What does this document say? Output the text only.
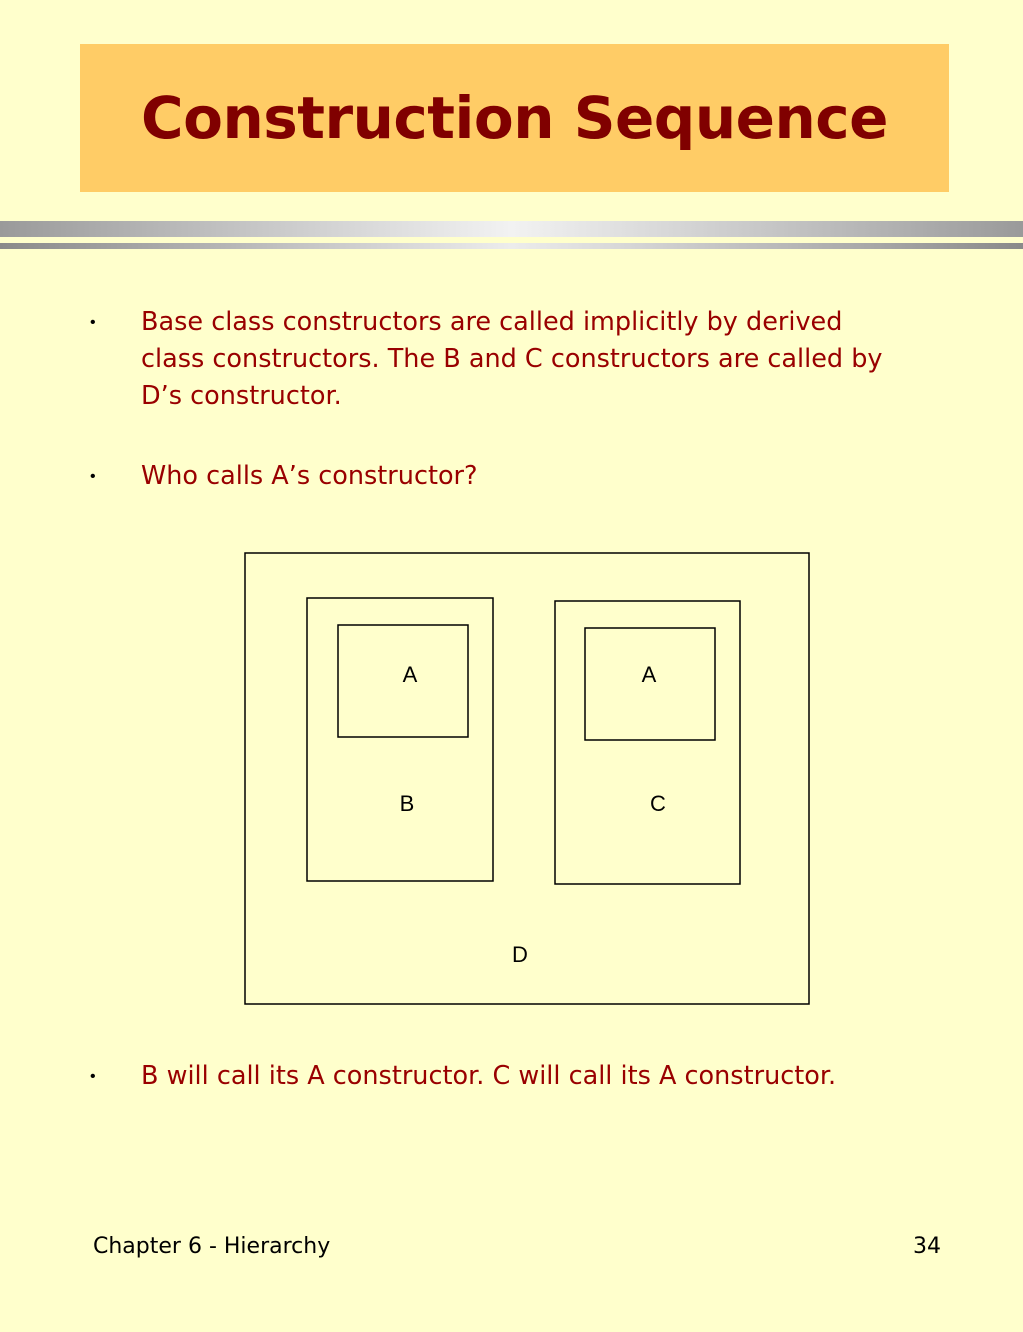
Construction Sequence
• Base class constructors are called implicitly by derived class constructors. The B and C constructors are called by D’s constructor.
• Who calls A’s constructor?
A	A
B	C
D
• B will call its A constructor. C will call its A constructor.
Chapter 6 - Hierarchy	34
